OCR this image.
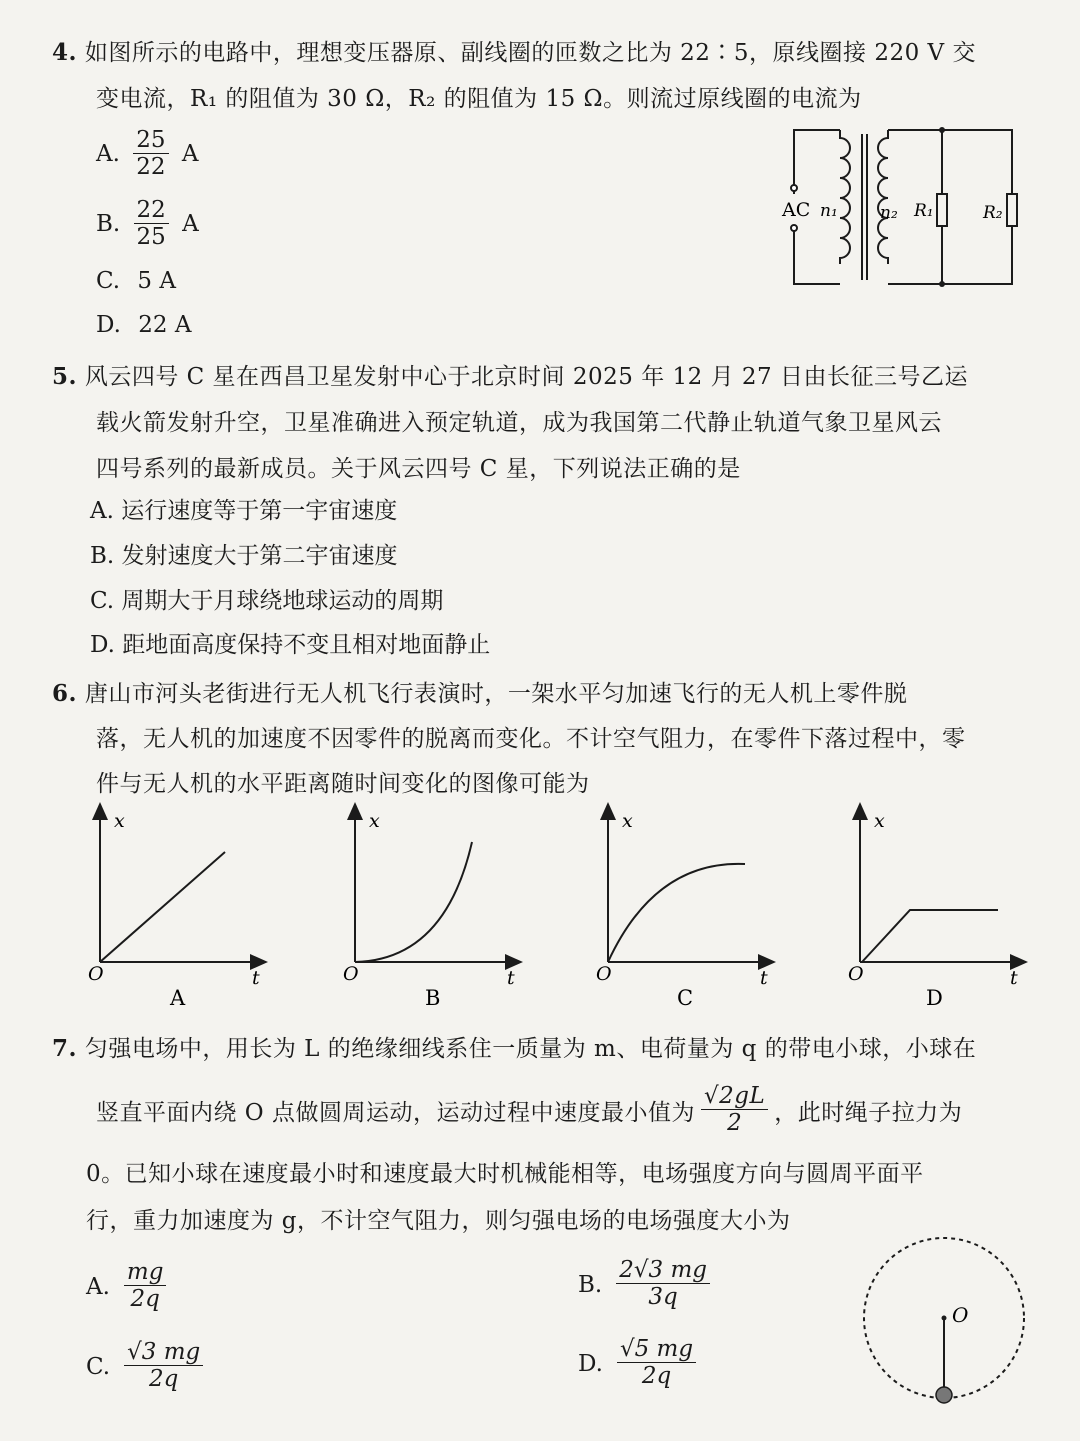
4. 如图所示的电路中，理想变压器原、副线圈的匝数之比为 22∶5，原线圈接 220 V 交
变电流，R₁ 的阻值为 30 Ω，R₂ 的阻值为 15 Ω。则流过原线圈的电流为
A. $\frac{25}{22}$ A
B. $\frac{22}{25}$ A
C. 5 A
D. 22 A
AC n₁ n₂ R₁	R₂
5. 风云四号 C 星在西昌卫星发射中心于北京时间 2025 年 12 月 27 日由长征三号乙运
载火箭发射升空，卫星准确进入预定轨道，成为我国第二代静止轨道气象卫星风云
四号系列的最新成员。关于风云四号 C 星，下列说法正确的是
A. 运行速度等于第一宇宙速度
B. 发射速度大于第二宇宙速度
C. 周期大于月球绕地球运动的周期
D. 距地面高度保持不变且相对地面静止
6. 唐山市河头老街进行无人机飞行表演时，一架水平匀加速飞行的无人机上零件脱
落，无人机的加速度不因零件的脱离而变化。不计空气阻力，在零件下落过程中，零
件与无人机的水平距离随时间变化的图像可能为
x
t
O
A
x
t
O
B
x
t
O
C
x
t
O
D
7. 匀强电场中，用长为 L 的绝缘细线系住一质量为 m、电荷量为 q 的带电小球，小球在
竖直平面内绕 O 点做圆周运动，运动过程中速度最小值为 $\frac{√2gL}{2}$ ，此时绳子拉力为
0。已知小球在速度最小时和速度最大时机械能相等，电场强度方向与圆周平面平
行，重力加速度为 g，不计空气阻力，则匀强电场的电场强度大小为
A. $\frac{mg}{2q}$	B. $\frac{2√3 mg}{3q}$
C. $\frac{√3 mg}{2q}$	D. $\frac{√5 mg}{2q}$
O
